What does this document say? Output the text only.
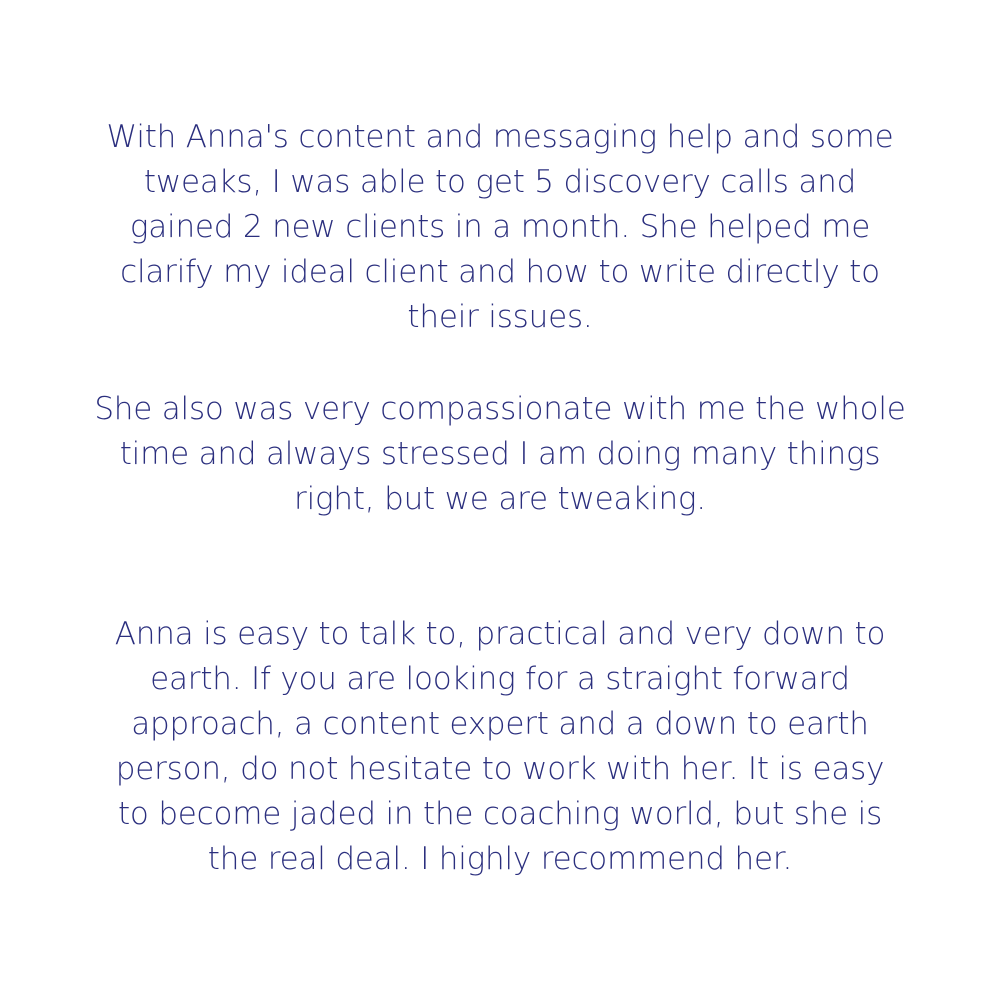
With Anna's content and messaging help and some
tweaks, I was able to get 5 discovery calls and
gained 2 new clients in a month. She helped me
clarify my ideal client and how to write directly to
their issues.

She also was very compassionate with me the whole
time and always stressed I am doing many things
right, but we are tweaking.

Anna is easy to talk to, practical and very down to
earth. If you are looking for a straight forward
approach, a content expert and a down to earth
person, do not hesitate to work with her. It is easy
to become jaded in the coaching world, but she is
the real deal. I highly recommend her.
